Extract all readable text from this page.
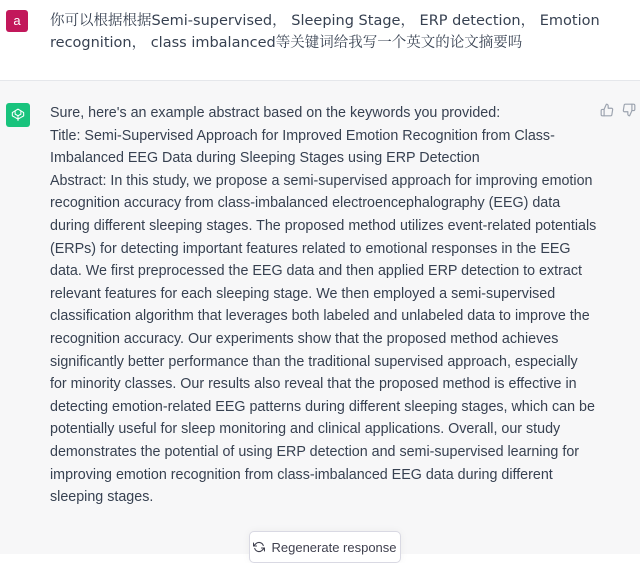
a	你可以根据根据Semi-supervised， Sleeping Stage， ERP detection， Emotion recognition， class imbalanced等关键词给我写一个英文的论文摘要吗

Sure, here's an example abstract based on the keywords you provided:

Title: Semi-Supervised Approach for Improved Emotion Recognition from Class-Imbalanced EEG Data during Sleeping Stages using ERP Detection

Abstract: In this study, we propose a semi-supervised approach for improving emotion recognition accuracy from class-imbalanced electroencephalography (EEG) data during different sleeping stages. The proposed method utilizes event-related potentials (ERPs) for detecting important features related to emotional responses in the EEG data. We first preprocessed the EEG data and then applied ERP detection to extract relevant features for each sleeping stage. We then employed a semi-supervised classification algorithm that leverages both labeled and unlabeled data to improve the recognition accuracy. Our experiments show that the proposed method achieves significantly better performance than the traditional supervised approach, especially for minority classes. Our results also reveal that the proposed method is effective in detecting emotion-related EEG patterns during different sleeping stages, which can be potentially useful for sleep monitoring and clinical applications. Overall, our study demonstrates the potential of using ERP detection and semi-supervised learning for improving emotion recognition from class-imbalanced EEG data during different sleeping stages.

Regenerate response
